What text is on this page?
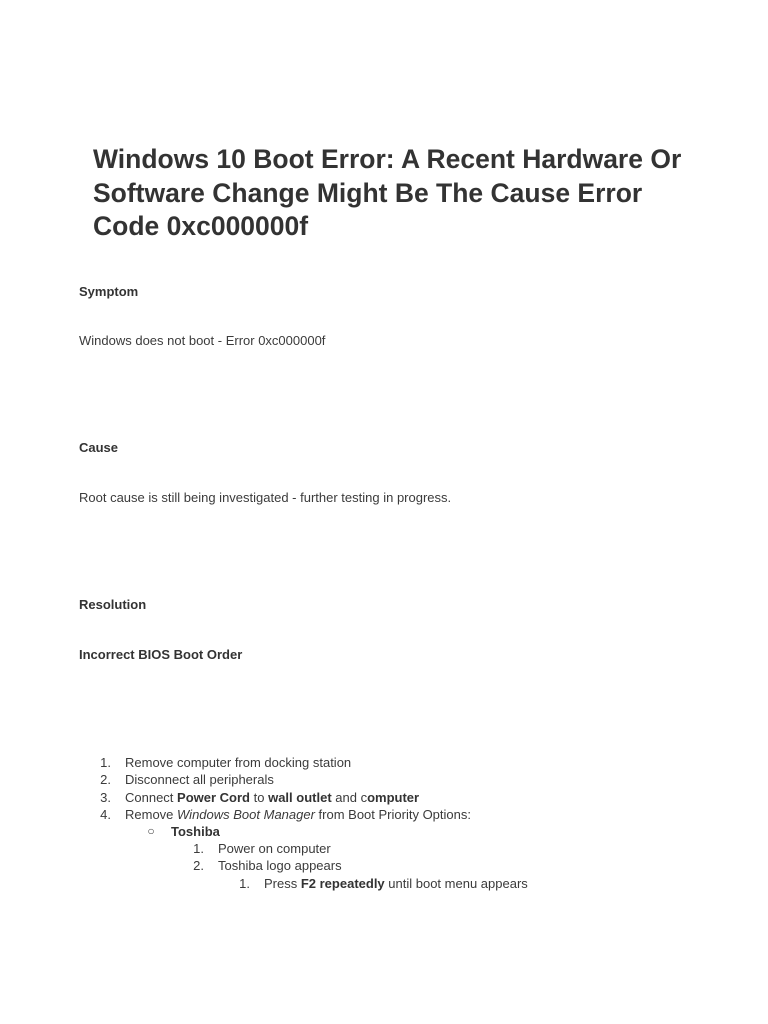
Windows 10 Boot Error: A Recent Hardware Or Software Change Might Be The Cause Error Code 0xc000000f
Symptom

Windows does not boot - Error 0xc000000f

Cause

Root cause is still being investigated - further testing in progress.

Resolution
Incorrect BIOS Boot Order
1. Remove computer from docking station
2. Disconnect all peripherals
3. Connect Power Cord to wall outlet and computer
4. Remove Windows Boot Manager from Boot Priority Options:
○ Toshiba
1. Power on computer
2. Toshiba logo appears
1. Press F2 repeatedly until boot menu appears
